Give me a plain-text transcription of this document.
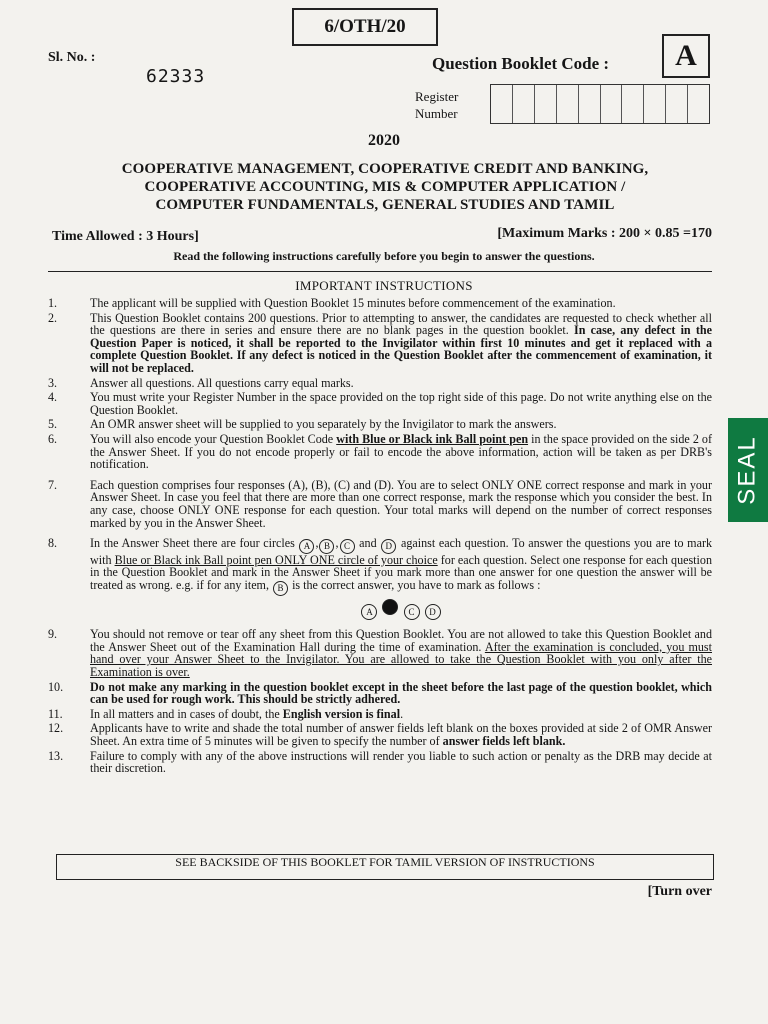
6/OTH/20
Sl. No. :
62333
Question Booklet Code : A
Register
Number
2020
COOPERATIVE MANAGEMENT, COOPERATIVE CREDIT AND BANKING,
COOPERATIVE ACCOUNTING, MIS & COMPUTER APPLICATION /
COMPUTER FUNDAMENTALS, GENERAL STUDIES AND TAMIL
Time Allowed : 3 Hours]	[Maximum Marks : 200 × 0.85 =170
Read the following instructions carefully before you begin to answer the questions.
IMPORTANT INSTRUCTIONS
1.	The applicant will be supplied with Question Booklet 15 minutes before commencement of the examination.
2.	This Question Booklet contains 200 questions. Prior to attempting to answer, the candidates are requested to check whether all the questions are there in series and ensure there are no blank pages in the question booklet. In case, any defect in the Question Paper is noticed, it shall be reported to the Invigilator within first 10 minutes and get it replaced with a complete Question Booklet. If any defect is noticed in the Question Booklet after the commencement of examination, it will not be replaced.
3.	Answer all questions. All questions carry equal marks.
4.	You must write your Register Number in the space provided on the top right side of this page. Do not write anything else on the Question Booklet.
5.	An OMR answer sheet will be supplied to you separately by the Invigilator to mark the answers.
6.	You will also encode your Question Booklet Code with Blue or Black ink Ball point pen in the space provided on the side 2 of the Answer Sheet. If you do not encode properly or fail to encode the above information, action will be taken as per DRB's notification.
7.	Each question comprises four responses (A), (B), (C) and (D). You are to select ONLY ONE correct response and mark in your Answer Sheet. In case you feel that there are more than one correct response, mark the response which you consider the best. In any case, choose ONLY ONE response for each question. Your total marks will depend on the number of correct responses marked by you in the Answer Sheet.
8.	In the Answer Sheet there are four circles A , B , C and D against each question. To answer the questions you are to mark with Blue or Black ink Ball point pen ONLY ONE circle of your choice for each question. Select one response for each question in the Question Booklet and mark in the Answer Sheet if you mark more than one answer for one question the answer will be treated as wrong. e.g. if for any item, B is the correct answer, you have to mark as follows :
A	C D
9.	You should not remove or tear off any sheet from this Question Booklet. You are not allowed to take this Question Booklet and the Answer Sheet out of the Examination Hall during the time of examination. After the examination is concluded, you must hand over your Answer Sheet to the Invigilator. You are allowed to take the Question Booklet with you only after the Examination is over.
10.	Do not make any marking in the question booklet except in the sheet before the last page of the question booklet, which can be used for rough work. This should be strictly adhered.
11.	In all matters and in cases of doubt, the English version is final.
12.	Applicants have to write and shade the total number of answer fields left blank on the boxes provided at side 2 of OMR Answer Sheet. An extra time of 5 minutes will be given to specify the number of answer fields left blank.
13.	Failure to comply with any of the above instructions will render you liable to such action or penalty as the DRB may decide at their discretion.
SEE BACKSIDE OF THIS BOOKLET FOR TAMIL VERSION OF INSTRUCTIONS
[Turn over
SEAL
